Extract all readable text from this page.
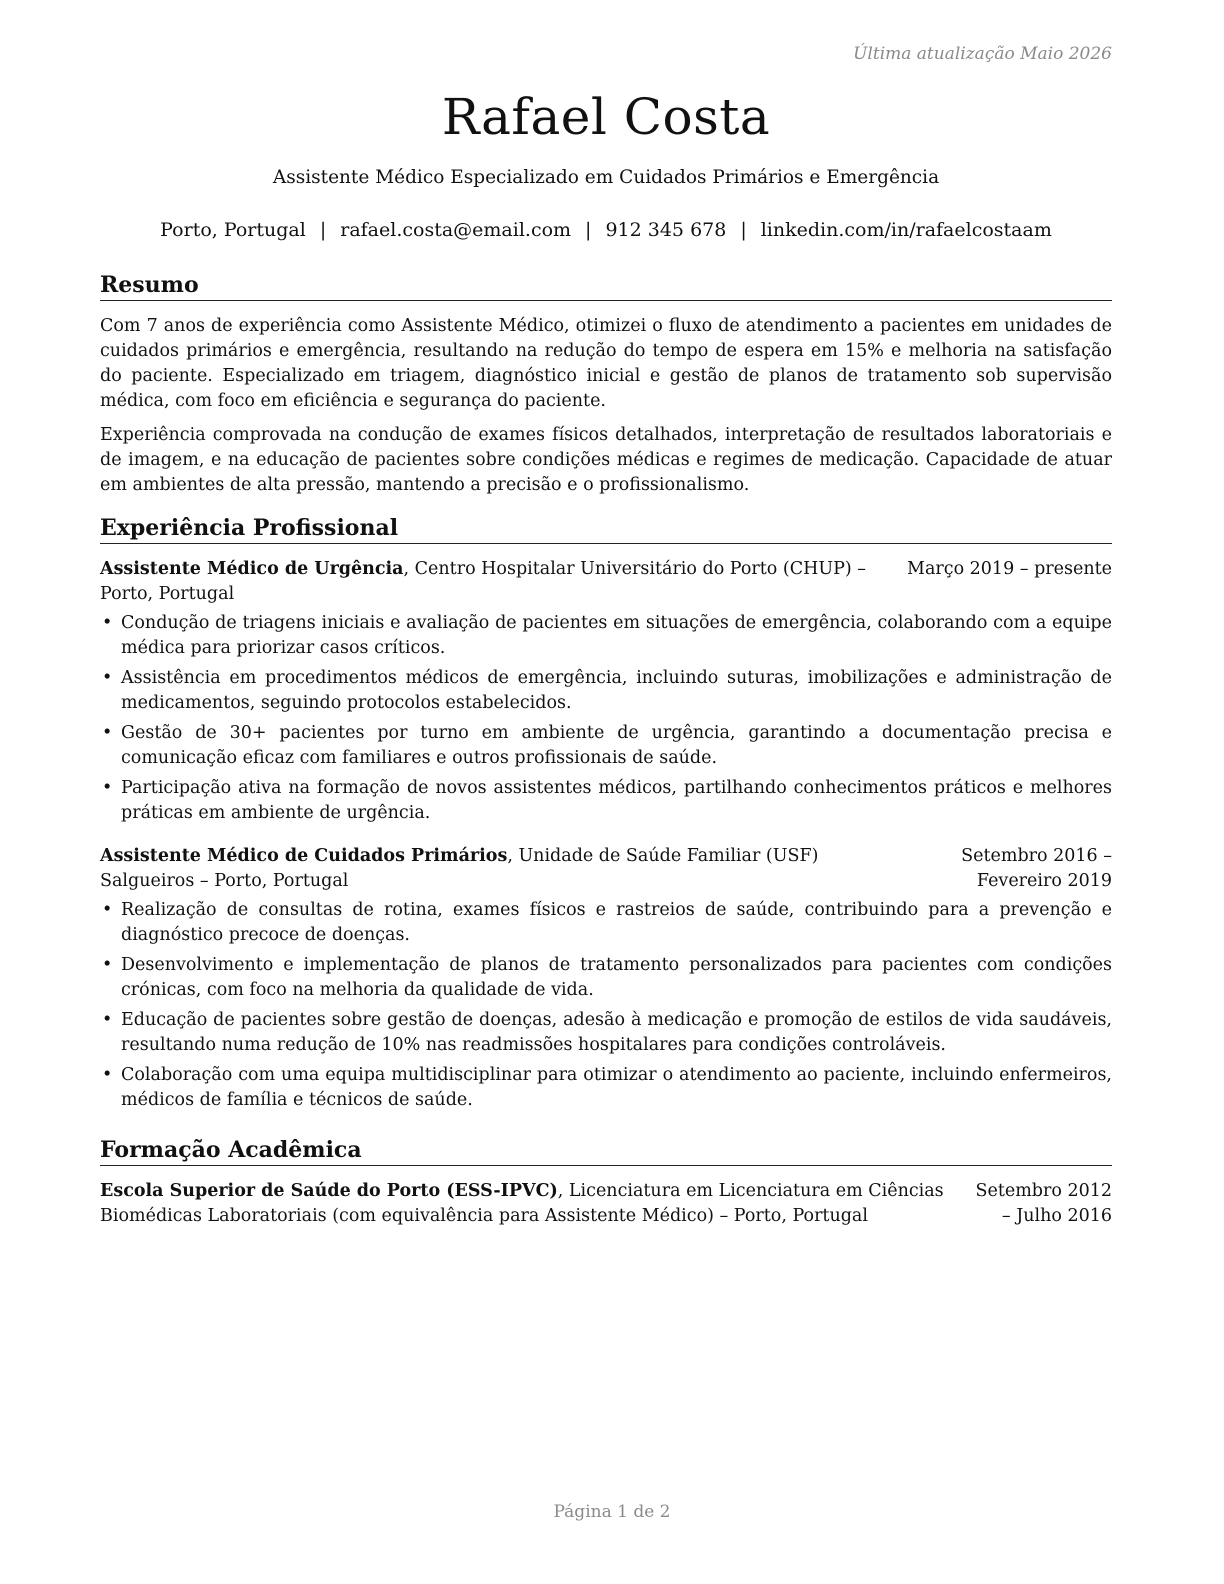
Última atualização Maio 2026
Rafael Costa
Assistente Médico Especializado em Cuidados Primários e Emergência
Porto, Portugal | rafael.costa@email.com | 912 345 678 | linkedin.com/in/rafaelcostaam
Resumo

Com 7 anos de experiência como Assistente Médico, otimizei o fluxo de atendimento a pacientes em unidades de cuidados primários e emergência, resultando na redução do tempo de espera em 15% e melhoria na satisfação do paciente. Especializado em triagem, diagnóstico inicial e gestão de planos de tratamento sob supervisão médica, com foco em eficiência e segurança do paciente.

Experiência comprovada na condução de exames físicos detalhados, interpretação de resultados laboratoriais e de imagem, e na educação de pacientes sobre condições médicas e regimes de medicação. Capacidade de atuar em ambientes de alta pressão, mantendo a precisão e o profissionalismo.

Experiência Profissional
Assistente Médico de Urgência, Centro Hospitalar Universitário do Porto (CHUP) – Porto, Portugal
Março 2019 – presente
• Condução de triagens iniciais e avaliação de pacientes em situações de emergência, colaborando com a equipe médica para priorizar casos críticos.
• Assistência em procedimentos médicos de emergência, incluindo suturas, imobilizações e administração de medicamentos, seguindo protocolos estabelecidos.
• Gestão de 30+ pacientes por turno em ambiente de urgência, garantindo a documentação precisa e comunicação eficaz com familiares e outros profissionais de saúde.
• Participação ativa na formação de novos assistentes médicos, partilhando conhecimentos práticos e melhores práticas em ambiente de urgência.
Assistente Médico de Cuidados Primários, Unidade de Saúde Familiar (USF) Salgueiros – Porto, Portugal
Setembro 2016 – Fevereiro 2019
• Realização de consultas de rotina, exames físicos e rastreios de saúde, contribuindo para a prevenção e diagnóstico precoce de doenças.
• Desenvolvimento e implementação de planos de tratamento personalizados para pacientes com condições crónicas, com foco na melhoria da qualidade de vida.
• Educação de pacientes sobre gestão de doenças, adesão à medicação e promoção de estilos de vida saudáveis, resultando numa redução de 10% nas readmissões hospitalares para condições controláveis.
• Colaboração com uma equipa multidisciplinar para otimizar o atendimento ao paciente, incluindo enfermeiros, médicos de família e técnicos de saúde.
Formação Acadêmica
Escola Superior de Saúde do Porto (ESS-IPVC), Licenciatura em Licenciatura em Ciências Biomédicas Laboratoriais (com equivalência para Assistente Médico) – Porto, Portugal
Setembro 2012 – Julho 2016
Página 1 de 2
